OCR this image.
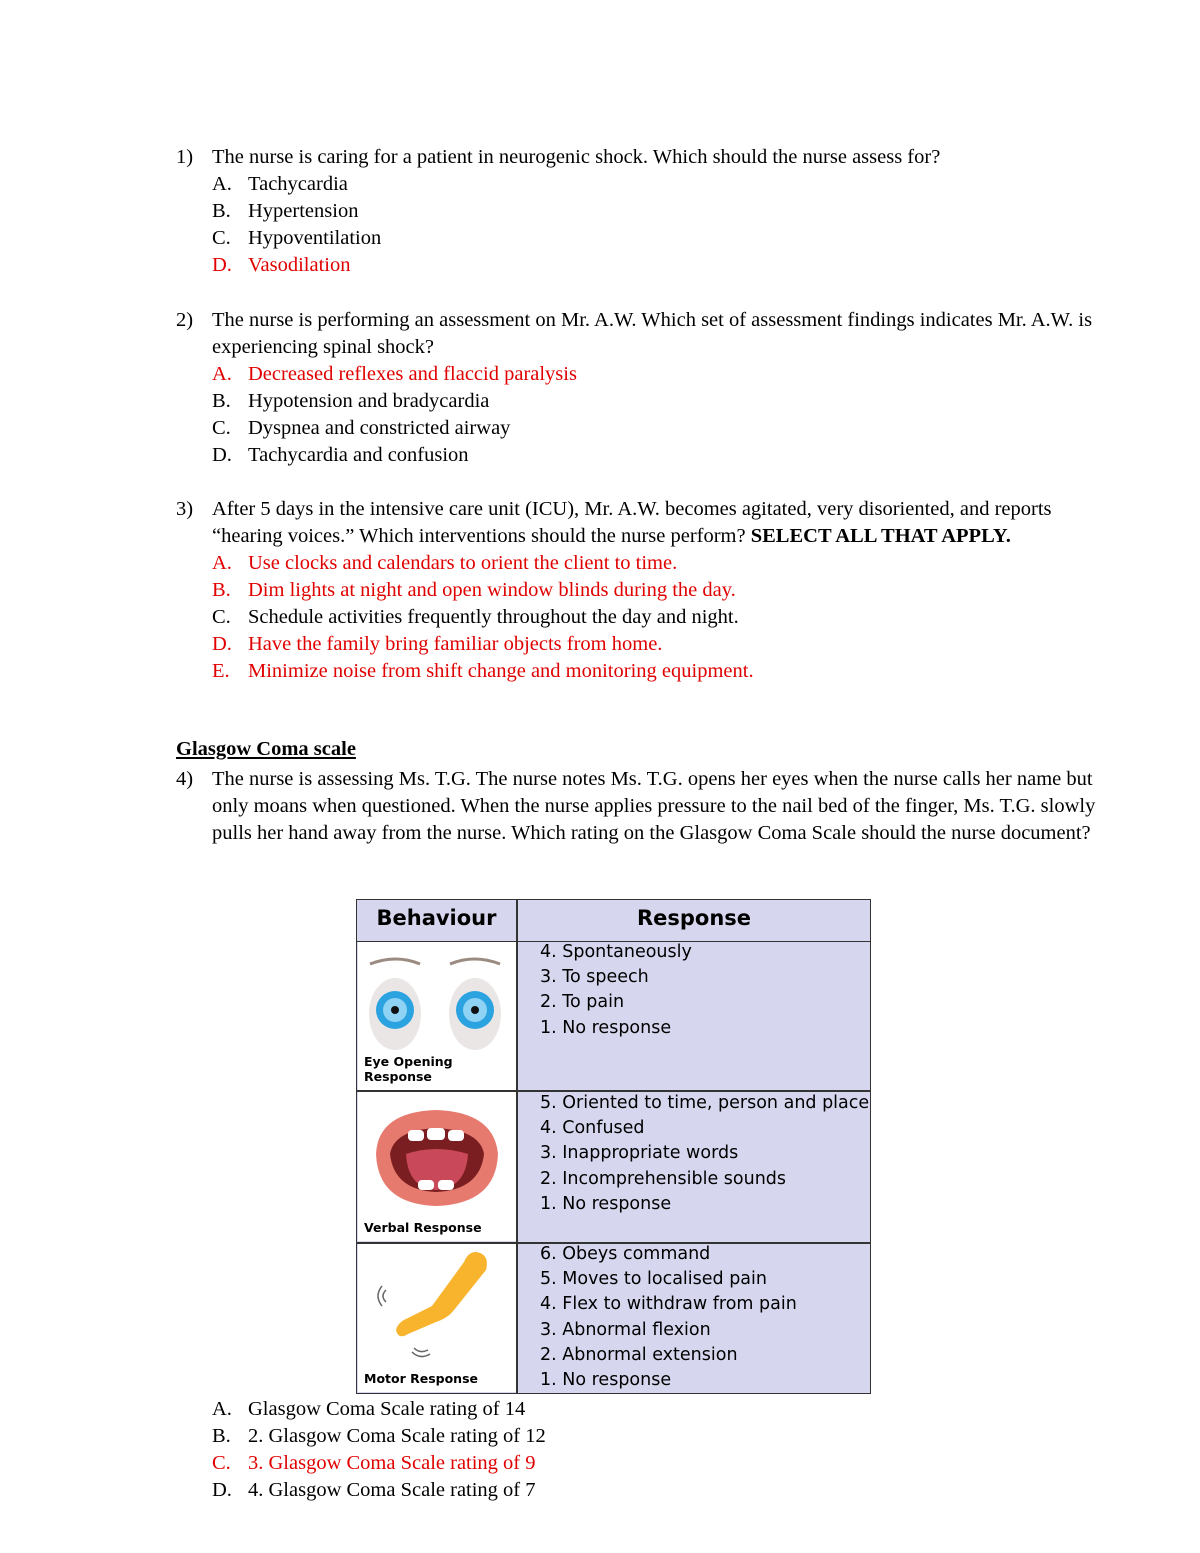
1) The nurse is caring for a patient in neurogenic shock. Which should the nurse assess for?
A. Tachycardia
B. Hypertension
C. Hypoventilation
D. Vasodilation
2) The nurse is performing an assessment on Mr. A.W. Which set of assessment findings indicates Mr. A.W. is experiencing spinal shock?
A. Decreased reflexes and flaccid paralysis
B. Hypotension and bradycardia
C. Dyspnea and constricted airway
D. Tachycardia and confusion
3) After 5 days in the intensive care unit (ICU), Mr. A.W. becomes agitated, very disoriented, and reports “hearing voices.” Which interventions should the nurse perform? SELECT ALL THAT APPLY.
A. Use clocks and calendars to orient the client to time.
B. Dim lights at night and open window blinds during the day.
C. Schedule activities frequently throughout the day and night.
D. Have the family bring familiar objects from home.
E. Minimize noise from shift change and monitoring equipment.
Glasgow Coma scale
4) The nurse is assessing Ms. T.G. The nurse notes Ms. T.G. opens her eyes when the nurse calls her name but only moans when questioned. When the nurse applies pressure to the nail bed of the finger, Ms. T.G. slowly pulls her hand away from the nurse. Which rating on the Glasgow Coma Scale should the nurse document?
Behaviour	Response
Eye Opening Response
4. Spontaneously
3. To speech
2. To pain
1. No response
Verbal Response
5. Oriented to time, person and place
4. Confused
3. Inappropriate words
2. Incomprehensible sounds
1. No response
Motor Response
6. Obeys command
5. Moves to localised pain
4. Flex to withdraw from pain
3. Abnormal flexion
2. Abnormal extension
1. No response
A. Glasgow Coma Scale rating of 14
B. 2. Glasgow Coma Scale rating of 12
C. 3. Glasgow Coma Scale rating of 9
D. 4. Glasgow Coma Scale rating of 7
